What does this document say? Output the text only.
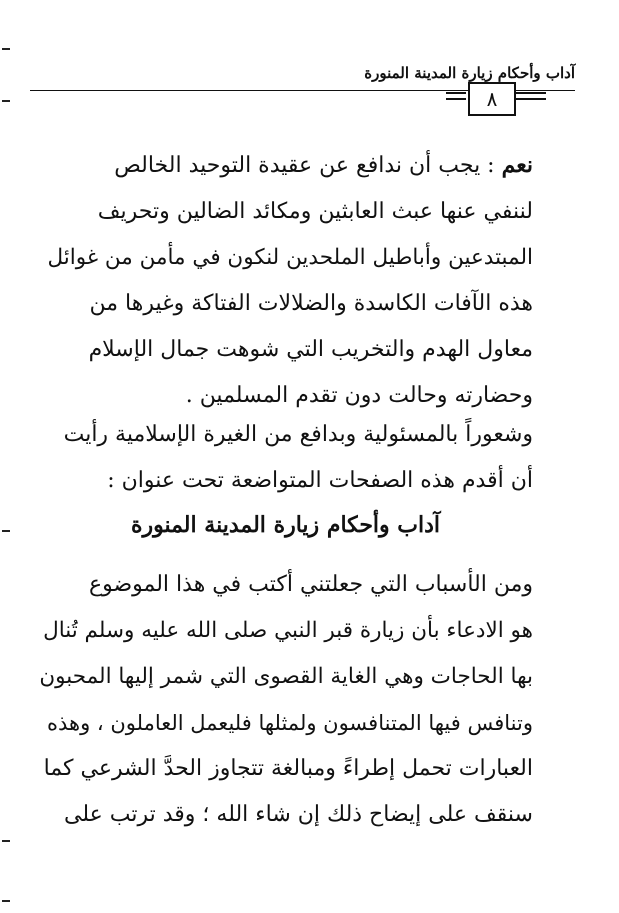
٨
آداب وأحكام زيارة المدينة المنورة
نعم : يجب أن ندافع عن عقيدة التوحيد الخالص
لننفي عنها عبث العابثين ومكائد الضالين وتحريف
المبتدعين وأباطيل الملحدين لنكون في مأمن من غوائل
هذه الآفات الكاسدة والضلالات الفتاكة وغيرها من
معاول الهدم والتخريب التي شوهت جمال الإسلام
وحضارته وحالت دون تقدم المسلمين .
وشعوراً بالمسئولية وبدافع من الغيرة الإسلامية رأيت
أن أقدم هذه الصفحات المتواضعة تحت عنوان :
آداب وأحكام زيارة المدينة المنورة
ومن الأسباب التي جعلتني أكتب في هذا الموضوع
هو الادعاء بأن زيارة قبر النبي صلى الله عليه وسلم تُنال
بها الحاجات وهي الغاية القصوى التي شمر إليها المحبون
وتنافس فيها المتنافسون ولمثلها فليعمل العاملون ، وهذه
العبارات تحمل إطراءً ومبالغة تتجاوز الحدَّ الشرعي كما
سنقف على إيضاح ذلك إن شاء الله ؛ وقد ترتب على
